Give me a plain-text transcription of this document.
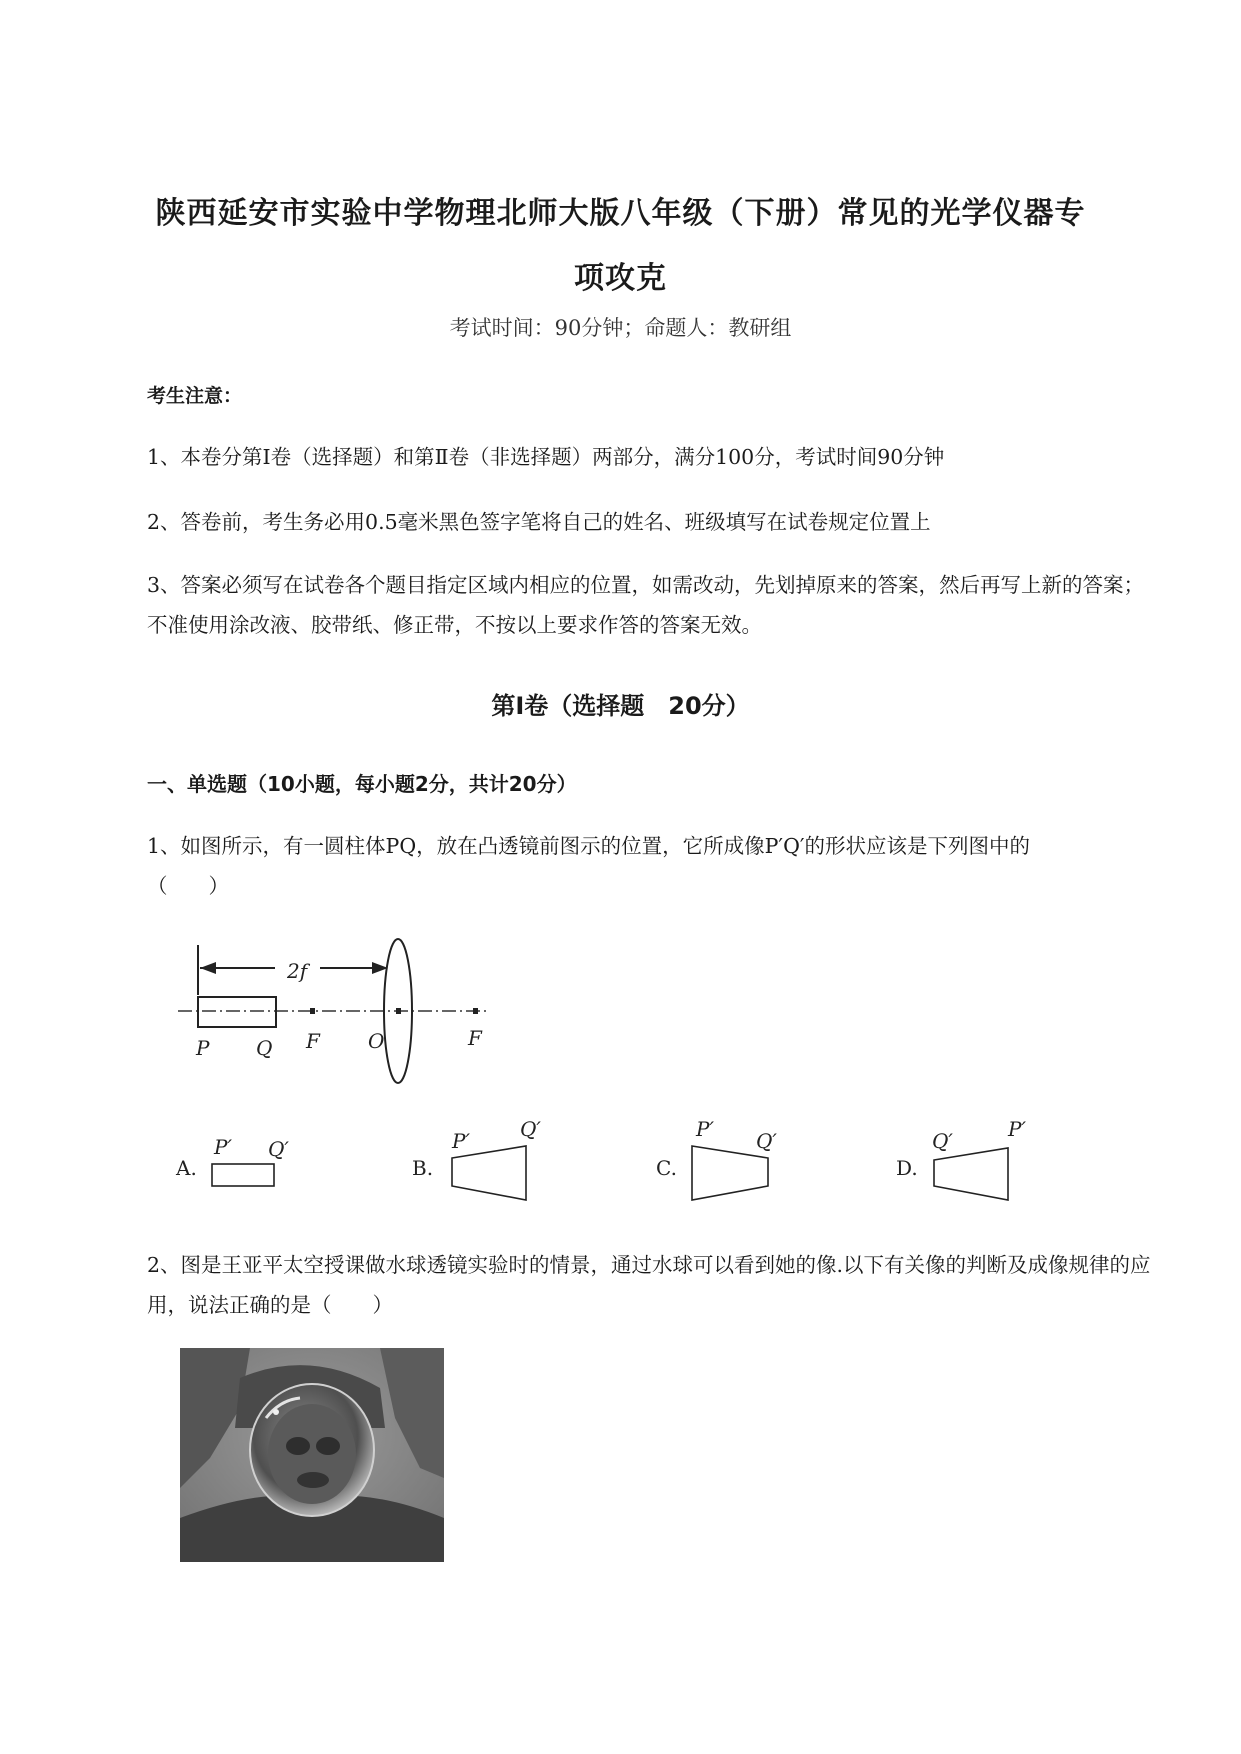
陕西延安市实验中学物理北师大版八年级（下册）常见的光学仪器专
项攻克
考试时间：90分钟；命题人：教研组
考生注意：
1、本卷分第Ⅰ卷（选择题）和第Ⅱ卷（非选择题）两部分，满分100分，考试时间90分钟
2、答卷前，考生务必用0.5毫米黑色签字笔将自己的姓名、班级填写在试卷规定位置上
3、答案必须写在试卷各个题目指定区域内相应的位置，如需改动，先划掉原来的答案，然后再写上新的答案；不准使用涂改液、胶带纸、修正带，不按以上要求作答的答案无效。
第Ⅰ卷（选择题　20分）
一、单选题（10小题，每小题2分，共计20分）
1、如图所示，有一圆柱体PQ，放在凸透镜前图示的位置，它所成像P′Q′的形状应该是下列图中的
（　　）
2f
P Q F O	F
A.
P′ Q′
B.
P′	Q′
C.
P′ Q′
D.
Q′	P′
2、图是王亚平太空授课做水球透镜实验时的情景，通过水球可以看到她的像.以下有关像的判断及成像规律的应用，说法正确的是（　　）
